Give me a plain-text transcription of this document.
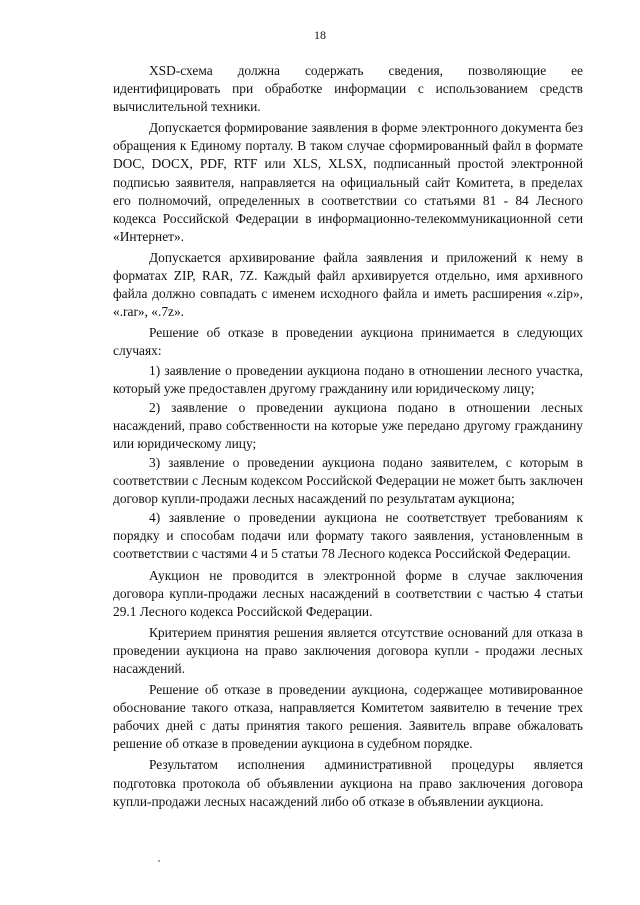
18

XSD-схема должна содержать сведения, позволяющие ее идентифицировать при обработке информации с использованием средств вычислительной техники.

Допускается формирование заявления в форме электронного документа без обращения к Единому порталу. В таком случае сформированный файл в формате DOC, DOCX, PDF, RTF или XLS, XLSX, подписанный простой электронной подписью заявителя, направляется на официальный сайт Комитета, в пределах его полномочий, определенных в соответствии со статьями 81 - 84 Лесного кодекса Российской Федерации в информационно-телекоммуникационной сети «Интернет».

Допускается архивирование файла заявления и приложений к нему в форматах ZIP, RAR, 7Z. Каждый файл архивируется отдельно, имя архивного файла должно совпадать с именем исходного файла и иметь расширения «.zip», «.rar», «.7z».

Решение об отказе в проведении аукциона принимается в следующих случаях:

1) заявление о проведении аукциона подано в отношении лесного участка, который уже предоставлен другому гражданину или юридическому лицу;

2) заявление о проведении аукциона подано в отношении лесных насаждений, право собственности на которые уже передано другому гражданину или юридическому лицу;

3) заявление о проведении аукциона подано заявителем, с которым в соответствии с Лесным кодексом Российской Федерации не может быть заключен договор купли-продажи лесных насаждений по результатам аукциона;

4) заявление о проведении аукциона не соответствует требованиям к порядку и способам подачи или формату такого заявления, установленным в соответствии с частями 4 и 5 статьи 78 Лесного кодекса Российской Федерации.

Аукцион не проводится в электронной форме в случае заключения договора купли-продажи лесных насаждений в соответствии с частью 4 статьи 29.1 Лесного кодекса Российской Федерации.

Критерием принятия решения является отсутствие оснований для отказа в проведении аукциона на право заключения договора купли - продажи лесных насаждений.

Решение об отказе в проведении аукциона, содержащее мотивированное обоснование такого отказа, направляется Комитетом заявителю в течение трех рабочих дней с даты принятия такого решения. Заявитель вправе обжаловать решение об отказе в проведении аукциона в судебном порядке.

Результатом исполнения административной процедуры является подготовка протокола об объявлении аукциона на право заключения договора купли-продажи лесных насаждений либо об отказе в объявлении аукциона.
